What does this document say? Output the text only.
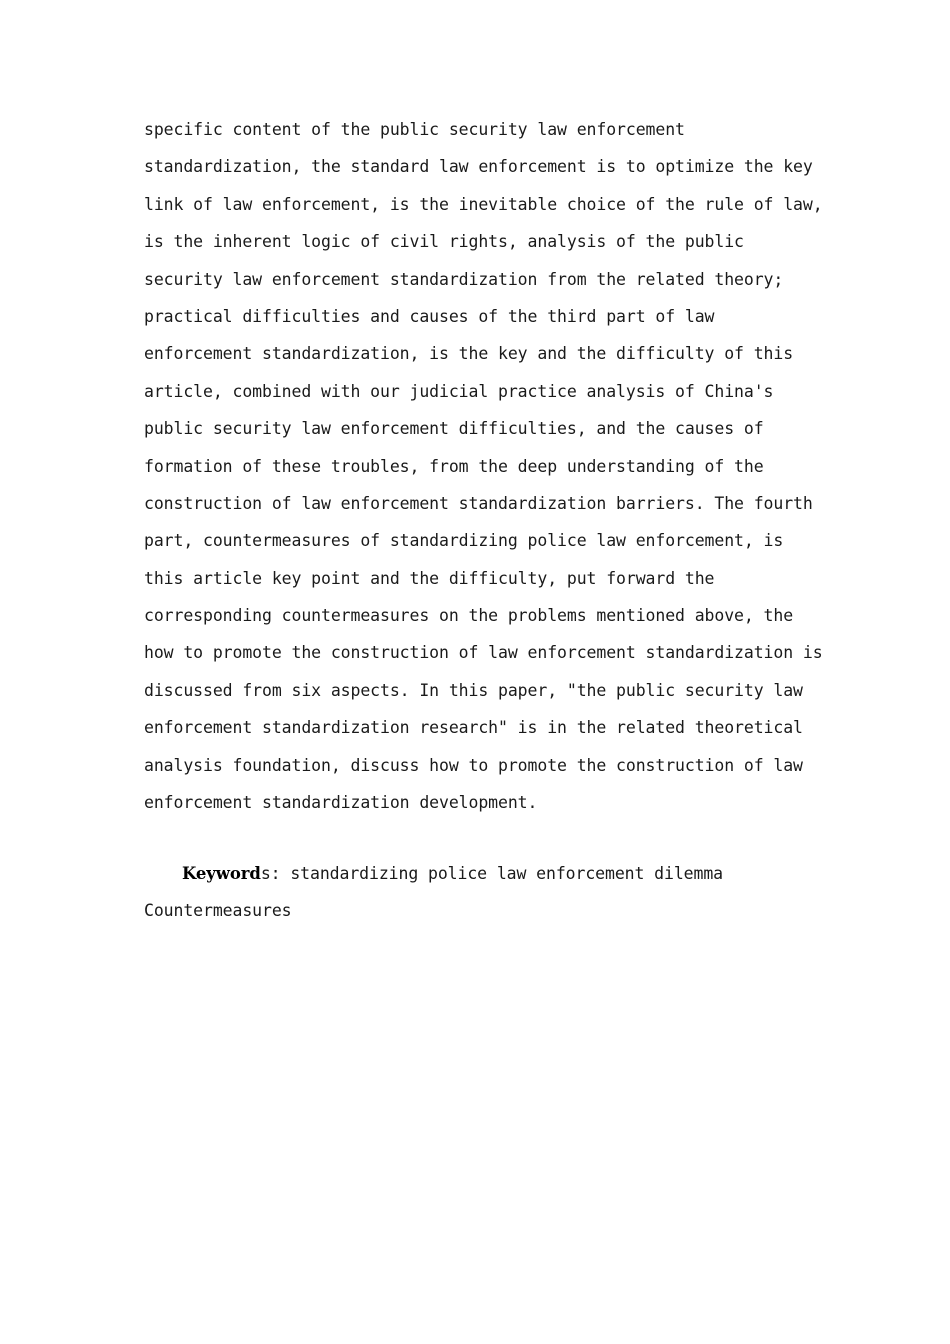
specific content of the public security law enforcement
standardization, the standard law enforcement is to optimize the key
link of law enforcement, is the inevitable choice of the rule of law,
is the inherent logic of civil rights, analysis of the public
security law enforcement standardization from the related theory;
practical difficulties and causes of the third part of law
enforcement standardization, is the key and the difficulty of this
article, combined with our judicial practice analysis of China's
public security law enforcement difficulties, and the causes of
formation of these troubles, from the deep understanding of the
construction of law enforcement standardization barriers. The fourth
part, countermeasures of standardizing police law enforcement, is
this article key point and the difficulty, put forward the
corresponding countermeasures on the problems mentioned above, the
how to promote the construction of law enforcement standardization is
discussed from six aspects. In this paper, "the public security law
enforcement standardization research" is in the related theoretical
analysis foundation, discuss how to promote the construction of law
enforcement standardization development.
Keywords: standardizing police law enforcement dilemma
Countermeasures
